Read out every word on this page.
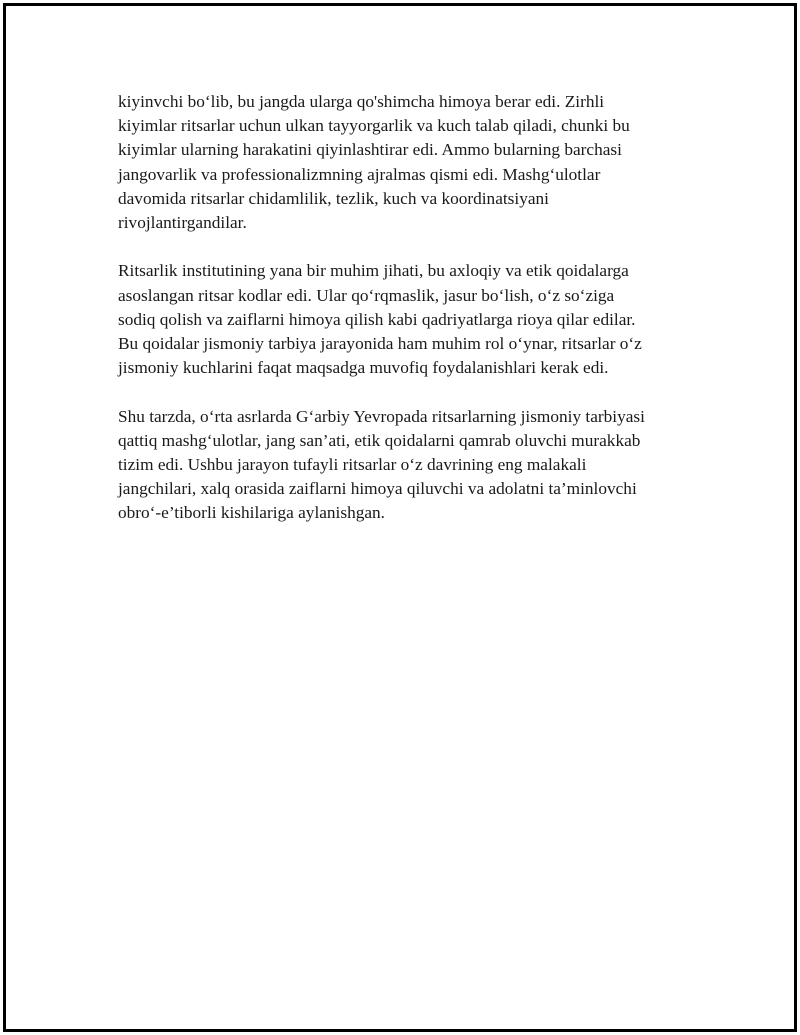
kiyinvchi bo‘lib, bu jangda ularga qo'shimcha himoya berar edi. Zirhli
kiyimlar ritsarlar uchun ulkan tayyorgarlik va kuch talab qiladi, chunki bu
kiyimlar ularning harakatini qiyinlashtirar edi. Ammo bularning barchasi
jangovarlik va professionalizmning ajralmas qismi edi. Mashg‘ulotlar
davomida ritsarlar chidamlilik, tezlik, kuch va koordinatsiyani
rivojlantirgandilar.

Ritsarlik institutining yana bir muhim jihati, bu axloqiy va etik qoidalarga
asoslangan ritsar kodlar edi. Ular qo‘rqmaslik, jasur bo‘lish, o‘z so‘ziga
sodiq qolish va zaiflarni himoya qilish kabi qadriyatlarga rioya qilar edilar.
Bu qoidalar jismoniy tarbiya jarayonida ham muhim rol o‘ynar, ritsarlar o‘z
jismoniy kuchlarini faqat maqsadga muvofiq foydalanishlari kerak edi.

Shu tarzda, o‘rta asrlarda G‘arbiy Yevropada ritsarlarning jismoniy tarbiyasi
qattiq mashg‘ulotlar, jang san’ati, etik qoidalarni qamrab oluvchi murakkab
tizim edi. Ushbu jarayon tufayli ritsarlar o‘z davrining eng malakali
jangchilari, xalq orasida zaiflarni himoya qiluvchi va adolatni ta’minlovchi
obro‘-e’tiborli kishilariga aylanishgan.
